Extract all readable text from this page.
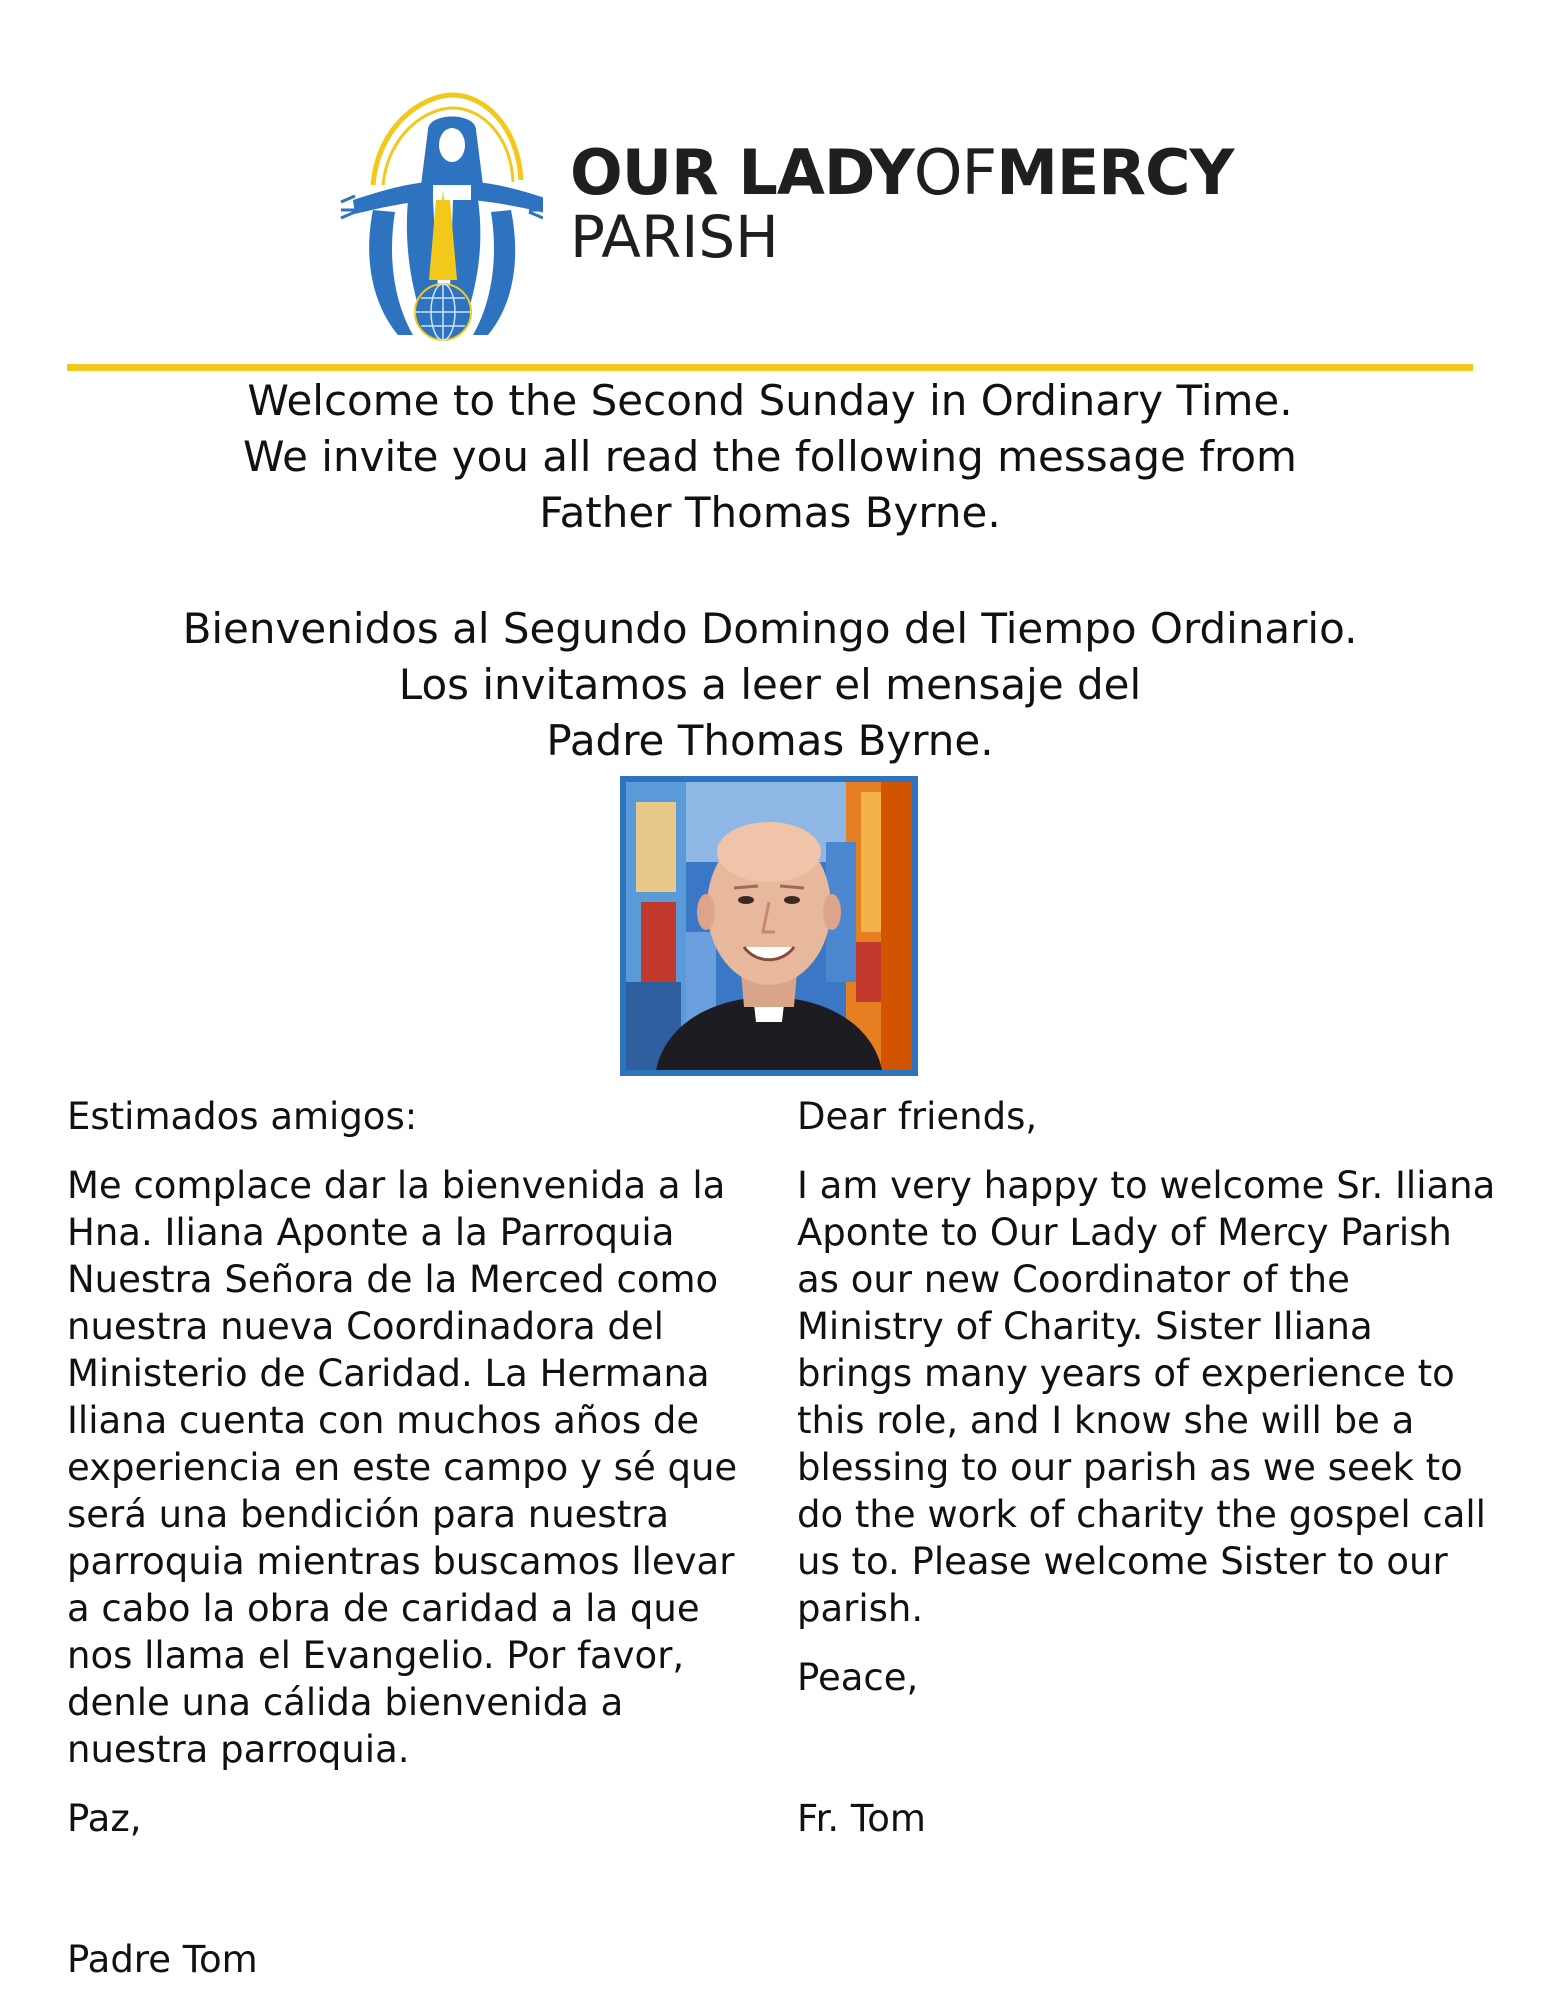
OUR LADYOFMERCY
PARISH
Welcome to the Second Sunday in Ordinary Time.
We invite you all read the following message from
Father Thomas Byrne.
Bienvenidos al Segundo Domingo del Tiempo Ordinario.
Los invitamos a leer el mensaje del
Padre Thomas Byrne.

Estimados amigos:

Me complace dar la bienvenida a la Hna. Iliana Aponte a la Parroquia Nuestra Señora de la Merced como nuestra nueva Coordinadora del Ministerio de Caridad. La Hermana Iliana cuenta con muchos años de experiencia en este campo y sé que será una bendición para nuestra parroquia mientras buscamos llevar a cabo la obra de caridad a la que nos llama el Evangelio. Por favor, denle una cálida bienvenida a nuestra parroquia.

Paz,

Padre Tom

Dear friends,

I am very happy to welcome Sr. Iliana Aponte to Our Lady of Mercy Parish as our new Coordinator of the Ministry of Charity. Sister Iliana brings many years of experience to this role, and I know she will be a blessing to our parish as we seek to do the work of charity the gospel call us to. Please welcome Sister to our parish.

Peace,

Fr. Tom
